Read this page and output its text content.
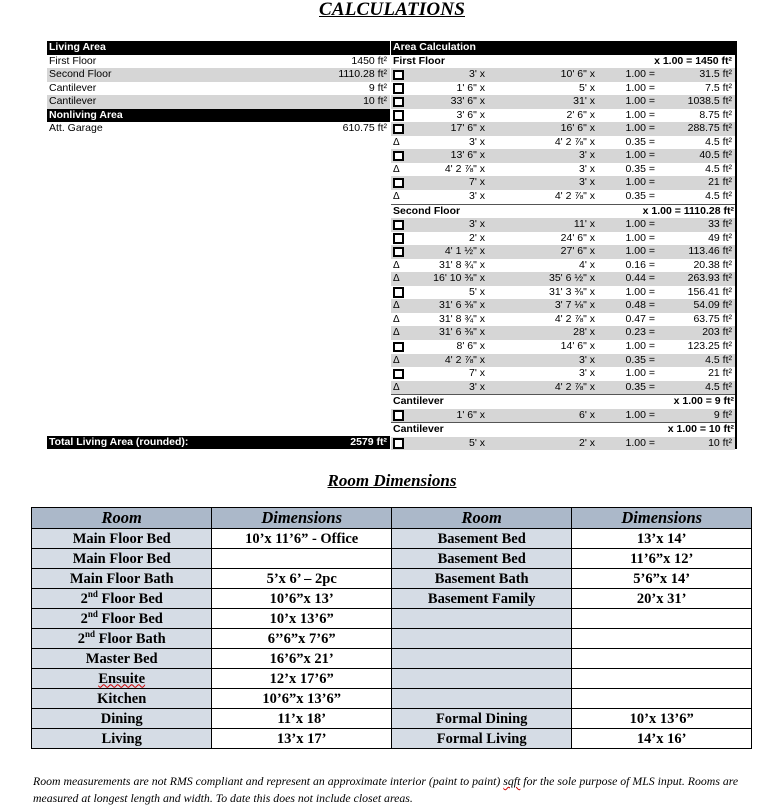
CALCULATIONS
Living Area
First Floor	1450 ft²
Second Floor	1110.28 ft²
Cantilever	9 ft²
Cantilever	10 ft²
Nonliving Area
Att. Garage	610.75 ft²
Total Living Area (rounded):	2579 ft²
Area Calculation
First Floor	x 1.00 = 1450 ft²
3' x	10' 6" x	1.00 =	31.5 ft²
1' 6" x	5' x	1.00 =	7.5 ft²
33' 6" x	31' x	1.00 =	1038.5 ft²
3' 6" x	2' 6" x	1.00 =	8.75 ft²
17' 6" x	16' 6" x	1.00 =	288.75 ft²
Δ	3' x	4' 2 ⅞" x	0.35 =	4.5 ft²
13' 6" x	3' x	1.00 =	40.5 ft²
Δ	4' 2 ⅞" x	3' x	0.35 =	4.5 ft²
7' x	3' x	1.00 =	21 ft²
Δ	3' x	4' 2 ⅞" x	0.35 =	4.5 ft²
Second Floor	x 1.00 = 1110.28 ft²
3' x	11' x	1.00 =	33 ft²
2' x	24' 6" x	1.00 =	49 ft²
4' 1 ½" x	27' 6" x	1.00 =	113.46 ft²
Δ	31' 8 ¾" x	4' x	0.16 =	20.38 ft²
Δ	16' 10 ⅜" x	35' 6 ½" x	0.44 =	263.93 ft²
5' x	31' 3 ⅜" x	1.00 =	156.41 ft²
Δ	31' 6 ⅜" x	3' 7 ⅛" x	0.48 =	54.09 ft²
Δ	31' 8 ¾" x	4' 2 ⅞" x	0.47 =	63.75 ft²
Δ	31' 6 ⅜" x	28' x	0.23 =	203 ft²
8' 6" x	14' 6" x	1.00 =	123.25 ft²
Δ	4' 2 ⅞" x	3' x	0.35 =	4.5 ft²
7' x	3' x	1.00 =	21 ft²
Δ	3' x	4' 2 ⅞" x	0.35 =	4.5 ft²
Cantilever	x 1.00 = 9 ft²
1' 6" x	6' x	1.00 =	9 ft²
Cantilever	x 1.00 = 10 ft²
5' x	2' x	1.00 =	10 ft²
Room Dimensions
Room	Dimensions	Room	Dimensions
Main Floor Bed	10’x 11’6” - Office	Basement Bed	13’x 14’
Main Floor Bed		Basement Bed	11’6”x 12’
Main Floor Bath	5’x 6’ – 2pc	Basement Bath	5’6”x 14’
2nd Floor Bed	10’6”x 13’	Basement Family	20’x 31’
2nd Floor Bed	10’x 13’6”		
2nd Floor Bath	6’’6”x 7’6”		
Master Bed	16’6”x 21’		
Ensuite	12’x 17’6”		
Kitchen	10’6”x 13’6”		
Dining	11’x 18’	Formal Dining	10’x 13’6”
Living	13’x 17’	Formal Living	14’x 16’
Room measurements are not RMS compliant and represent an approximate interior (paint to paint) sqft for the sole purpose of MLS input. Rooms are measured at longest length and width. To date this does not include closet areas.
